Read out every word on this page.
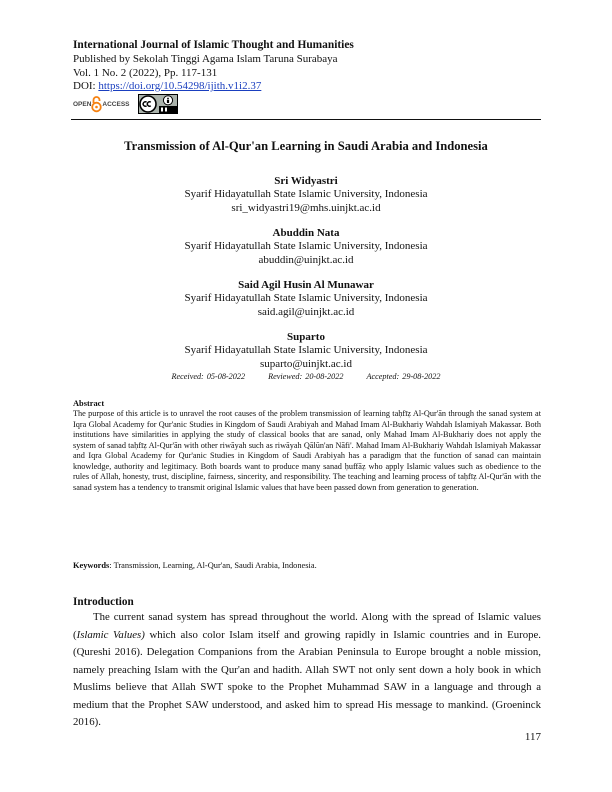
International Journal of Islamic Thought and Humanities
Published by Sekolah Tinggi Agama Islam Taruna Surabaya
Vol. 1 No. 2 (2022), Pp. 117-131
DOI: https://doi.org/10.54298/ijith.v1i2.37
OPEN ACCESS
Transmission of Al-Qur'an Learning in Saudi Arabia and Indonesia
Sri Widyastri
Syarif Hidayatullah State Islamic University, Indonesia
sri_widyastri19@mhs.uinjkt.ac.id
Abuddin Nata
Syarif Hidayatullah State Islamic University, Indonesia
abuddin@uinjkt.ac.id
Said Agil Husin Al Munawar
Syarif Hidayatullah State Islamic University, Indonesia
said.agil@uinjkt.ac.id
Suparto
Syarif Hidayatullah State Islamic University, Indonesia
suparto@uinjkt.ac.id
Received: 05-08-2022	Reviewed: 20-08-2022	Accepted: 29-08-2022
Abstract

The purpose of this article is to unravel the root causes of the problem transmission of learning taḥfīẓ Al-Qur'ān through the sanad system at Iqra Global Academy for Qur'anic Studies in Kingdom of Saudi Arabiyah and Mahad Imam Al-Bukhariy Wahdah Islamiyah Makassar. Both institutions have similarities in applying the study of classical books that are sanad, only Mahad Imam Al-Bukhariy does not apply the system of sanad taḥfīẓ Al-Qur'ān with other riwāyah such as riwāyah Qālūn'an Nāfi'. Mahad Imam Al-Bukhariy Wahdah Islamiyah Makassar and Iqra Global Academy for Qur'anic Studies in Kingdom of Saudi Arabiyah has a paradigm that the function of sanad can maintain knowledge, authority and legitimacy. Both boards want to produce many sanad ḥuffāẓ who apply Islamic values such as obedience to the rules of Allah, honesty, trust, discipline, fairness, sincerity, and responsibility. The teaching and learning process of taḥfīẓ Al-Qur'ān with the sanad system has a tendency to transmit original Islamic values that have been passed down from generation to generation.

Keywords: Transmission, Learning, Al-Qur'an, Saudi Arabia, Indonesia.
Introduction

The current sanad system has spread throughout the world. Along with the spread of Islamic values (Islamic Values) which also color Islam itself and growing rapidly in Islamic countries and in Europe. (Qureshi 2016). Delegation Companions from the Arabian Peninsula to Europe brought a noble mission, namely preaching Islam with the Qur'an and hadith. Allah SWT not only sent down a holy book in which Muslims believe that Allah SWT spoke to the Prophet Muhammad SAW in a language and through a medium that the Prophet SAW understood, and asked him to spread His message to mankind. (Groeninck 2016).

117
